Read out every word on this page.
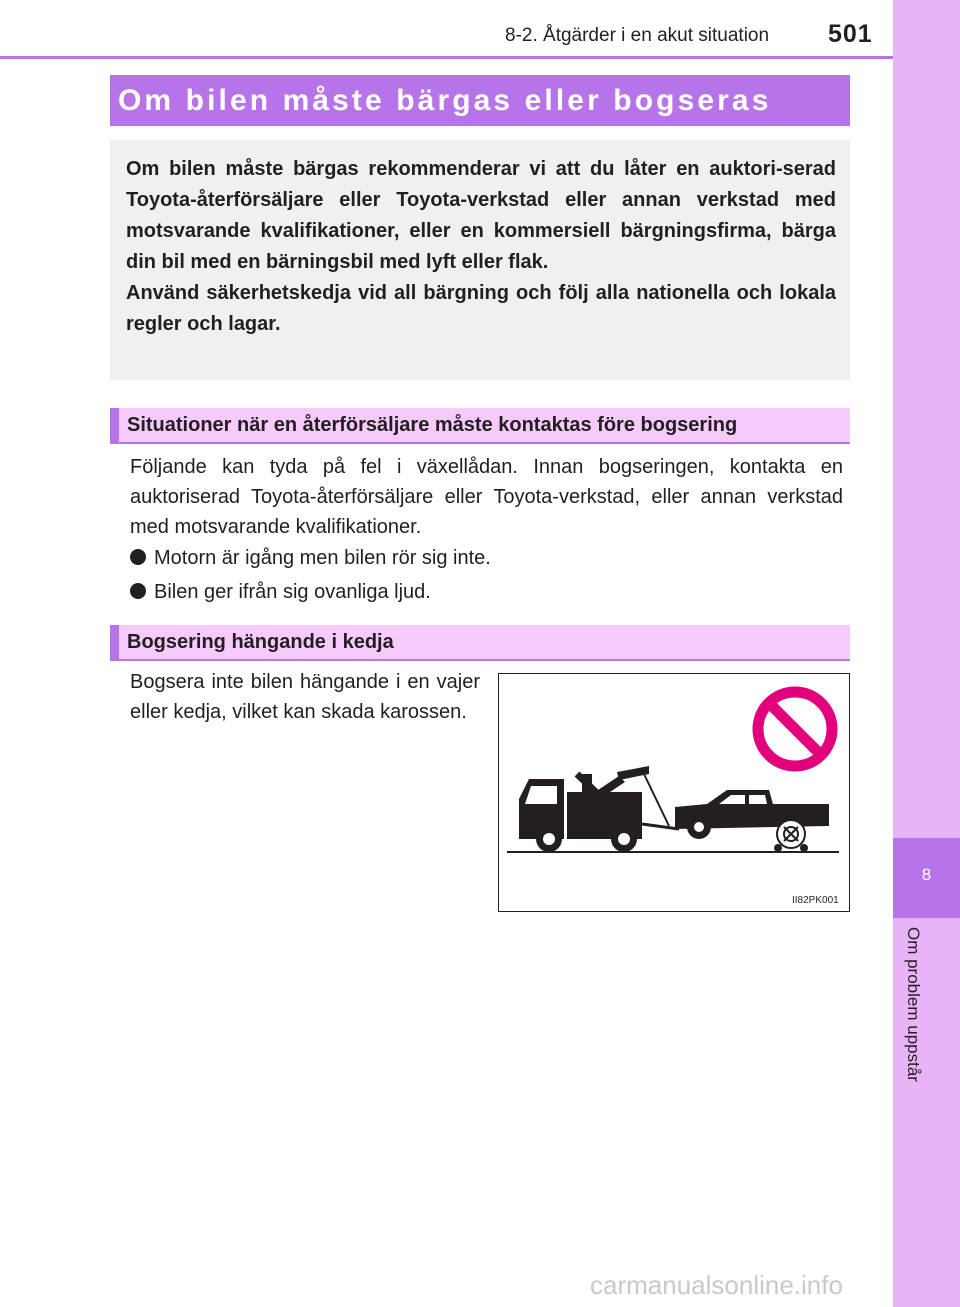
8-2. Åtgärder i en akut situation 501
8
Om problem uppstår
Om bilen måste bärgas eller bogseras

Om bilen måste bärgas rekommenderar vi att du låter en auktori-serad Toyota-återförsäljare eller Toyota-verkstad eller annan verkstad med motsvarande kvalifikationer, eller en kommersiell bärgningsfirma, bärga din bil med en bärningsbil med lyft eller flak.

Använd säkerhetskedja vid all bärgning och följ alla nationella och lokala regler och lagar.

Situationer när en återförsäljare måste kontaktas före bogsering

Följande kan tyda på fel i växellådan. Innan bogseringen, kontakta en auktoriserad Toyota-återförsäljare eller Toyota-verkstad, eller annan verkstad med motsvarande kvalifikationer.

Motorn är igång men bilen rör sig inte.
Bilen ger ifrån sig ovanliga ljud.
Bogsering hängande i kedja

Bogsera inte bilen hängande i en vajer eller kedja, vilket kan skada karossen.

II82PK001
carmanualsonline.info
